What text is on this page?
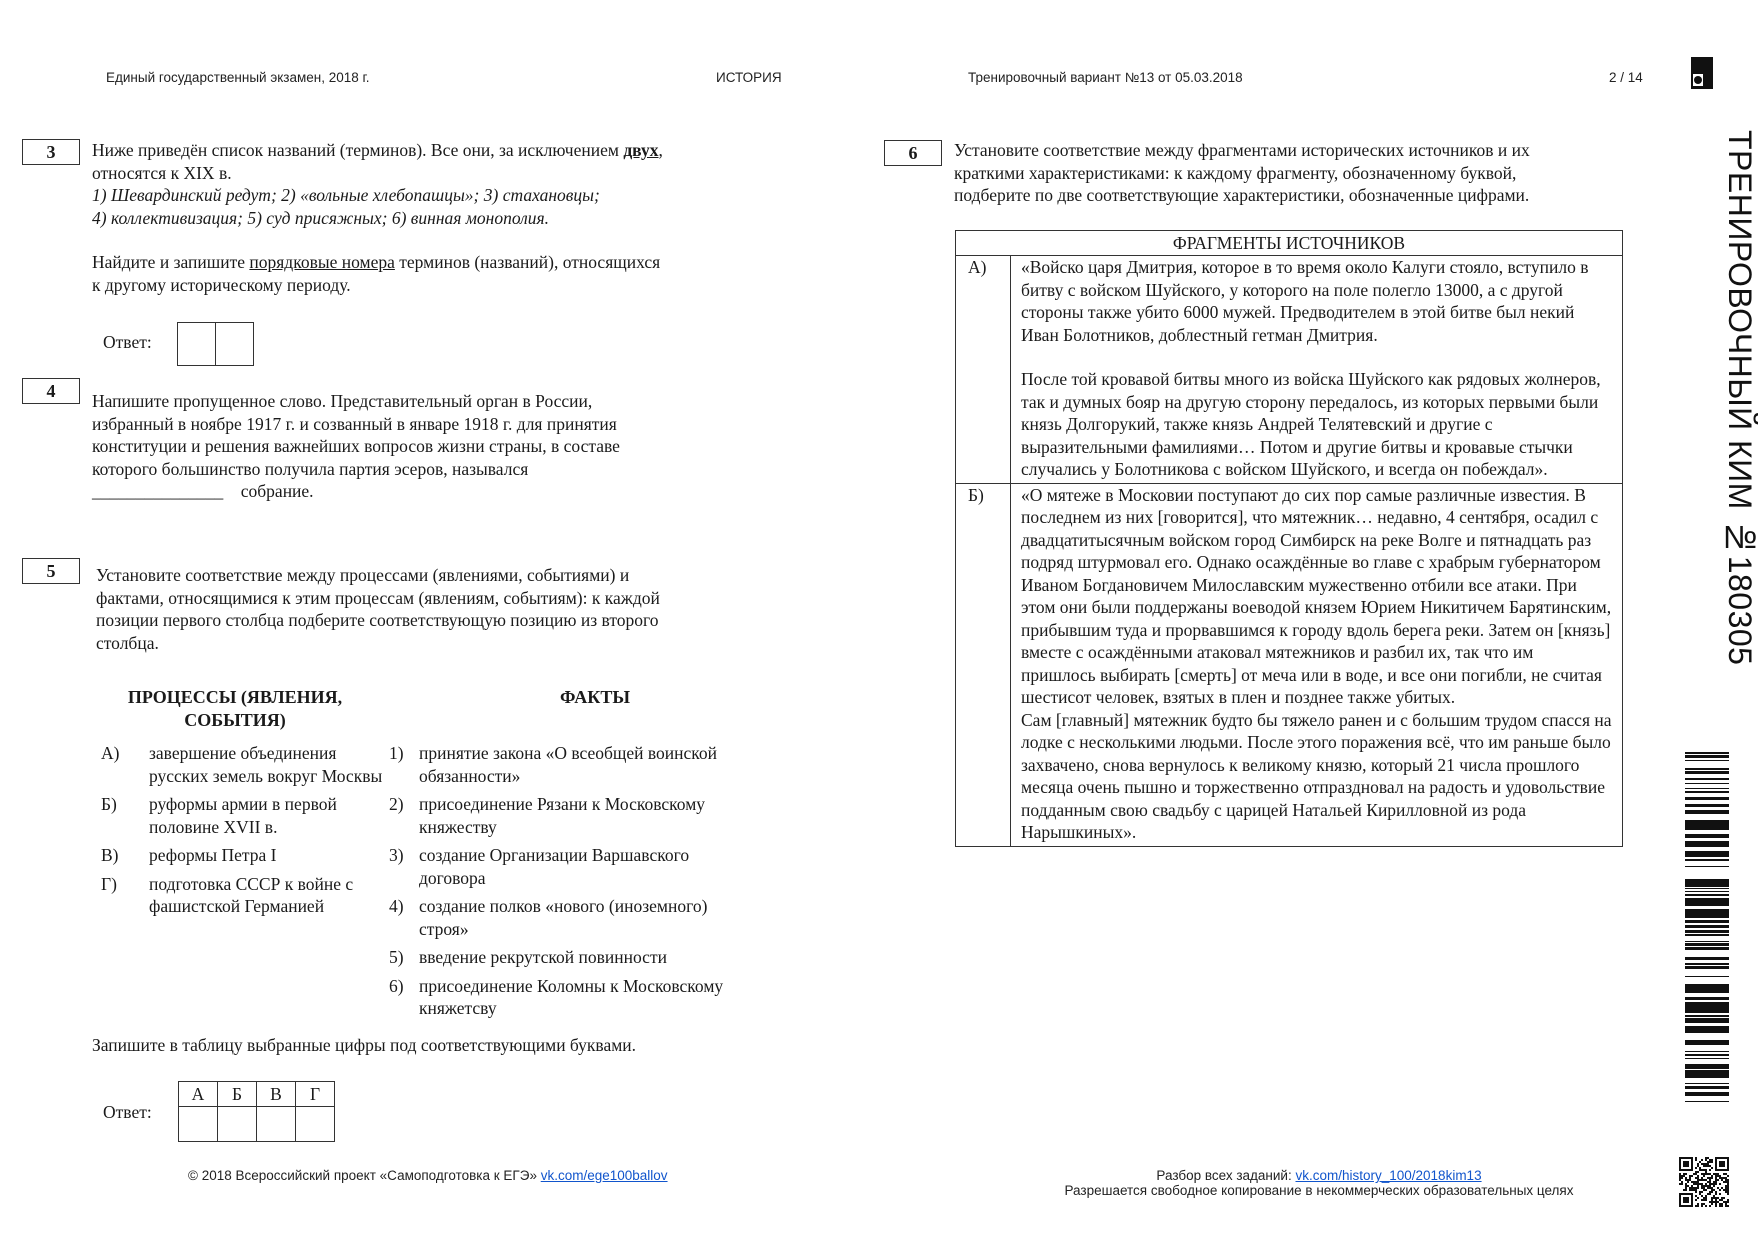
Единый государственный экзамен, 2018 г.	ИСТОРИЯ	Тренировочный вариант №13 от 05.03.2018	2 / 14
ТРЕНИРОВОЧНЫЙ КИМ №180305
3	Ниже приведён список названий (терминов). Все они, за исключением двух,
относятся к XIX в.
1) Шевардинский редут; 2) «вольные хлебопашцы»; 3) стахановцы;
4) коллективизация; 5) суд присяжных; 6) винная монополия.
Найдите и запишите порядковые номера терминов (названий), относящихся
к другому историческому периоду.
Ответ:
4	Напишите пропущенное слово. Представительный орган в России,
избранный в ноябре 1917 г. и созванный в январе 1918 г. для принятия
конституции и решения важнейших вопросов жизни страны, в составе
которого большинство получила партия эсеров, назывался
_______________ собрание.
5	Установите соответствие между процессами (явлениями, событиями) и
фактами, относящимися к этим процессам (явлениям, событиям): к каждой
позиции первого столбца подберите соответствующую позицию из второго
столбца.
ПРОЦЕССЫ (ЯВЛЕНИЯ, СОБЫТИЯ)
ФАКТЫ
А)	завершение объединения русских земель вокруг Москвы
Б)	руформы армии в первой половине XVII в.
В)	реформы Петра I
Г)	подготовка СССР к войне с фашистской Германией
1) принятие закона «О всеобщей воинской обязанности»
2) присоединение Рязани к Московскому княжеству
3) создание Организации Варшавского договора
4) создание полков «нового (иноземного) строя»
5) введение рекрутской повинности
6) присоединение Коломны к Московскому княжетсву
Запишите в таблицу выбранные цифры под соответствующими буквами.
Ответ:
А	Б	В	Г

6	Установите соответствие между фрагментами исторических источников и их
краткими характеристиками: к каждому фрагменту, обозначенному буквой,
подберите по две соответствующие характеристики, обозначенные цифрами.
ФРАГМЕНТЫ ИСТОЧНИКОВ	
А)	«Войско царя Дмитрия, которое в то время около Калуги стояло, вступило в битву с войском Шуйского, у которого на поле полегло 13000, а с другой стороны также убито 6000 мужей. Предводителем в этой битве был некий Иван Болотников, доблестный гетман Дмитрия.
После той кровавой битвы много из войска Шуйского как рядовых жолнеров, так и думных бояр на другую сторону передалось, из которых первыми были князь Долгорукий, также князь Андрей Телятевский и другие с выразительными фамилиями… Потом и другие битвы и кровавые стычки случались у Болотникова с войском Шуйского, и всегда он побеждал».

Б)	«О мятеже в Московии поступают до сих пор самые различные известия. В последнем из них [говорится], что мятежник… недавно, 4 сентября, осадил с двадцатитысячным войском город Симбирск на реке Волге и пятнадцать раз подряд штурмовал его. Однако осаждённые во главе с храбрым губернатором Иваном Богдановичем Милославским мужественно отбили все атаки. При этом они были поддержаны воеводой князем Юрием Никитичем Барятинским, прибывшим туда и прорвавшимся к городу вдоль берега реки. Затем он [князь] вместе с осаждёнными атаковал мятежников и разбил их, так что им пришлось выбирать [смерть] от меча или в воде, и все они погибли, не считая шестисот человек, взятых в плен и позднее также убитых.
Сам [главный] мятежник будто бы тяжело ранен и с большим трудом спасся на лодке с несколькими людьми. После этого поражения всё, что им раньше было захвачено, снова вернулось к великому князю, который 21 числа прошлого месяца очень пышно и торжественно отпраздновал на радость и удовольствие подданным свою свадьбу с царицей Натальей Кирилловной из рода Нарышкиных».
© 2018 Всероссийский проект «Самоподготовка к ЕГЭ» vk.com/ege100ballov	Разбор всех заданий: vk.com/history_100/2018kim13
Разрешается свободное копирование в некоммерческих образовательных целях
